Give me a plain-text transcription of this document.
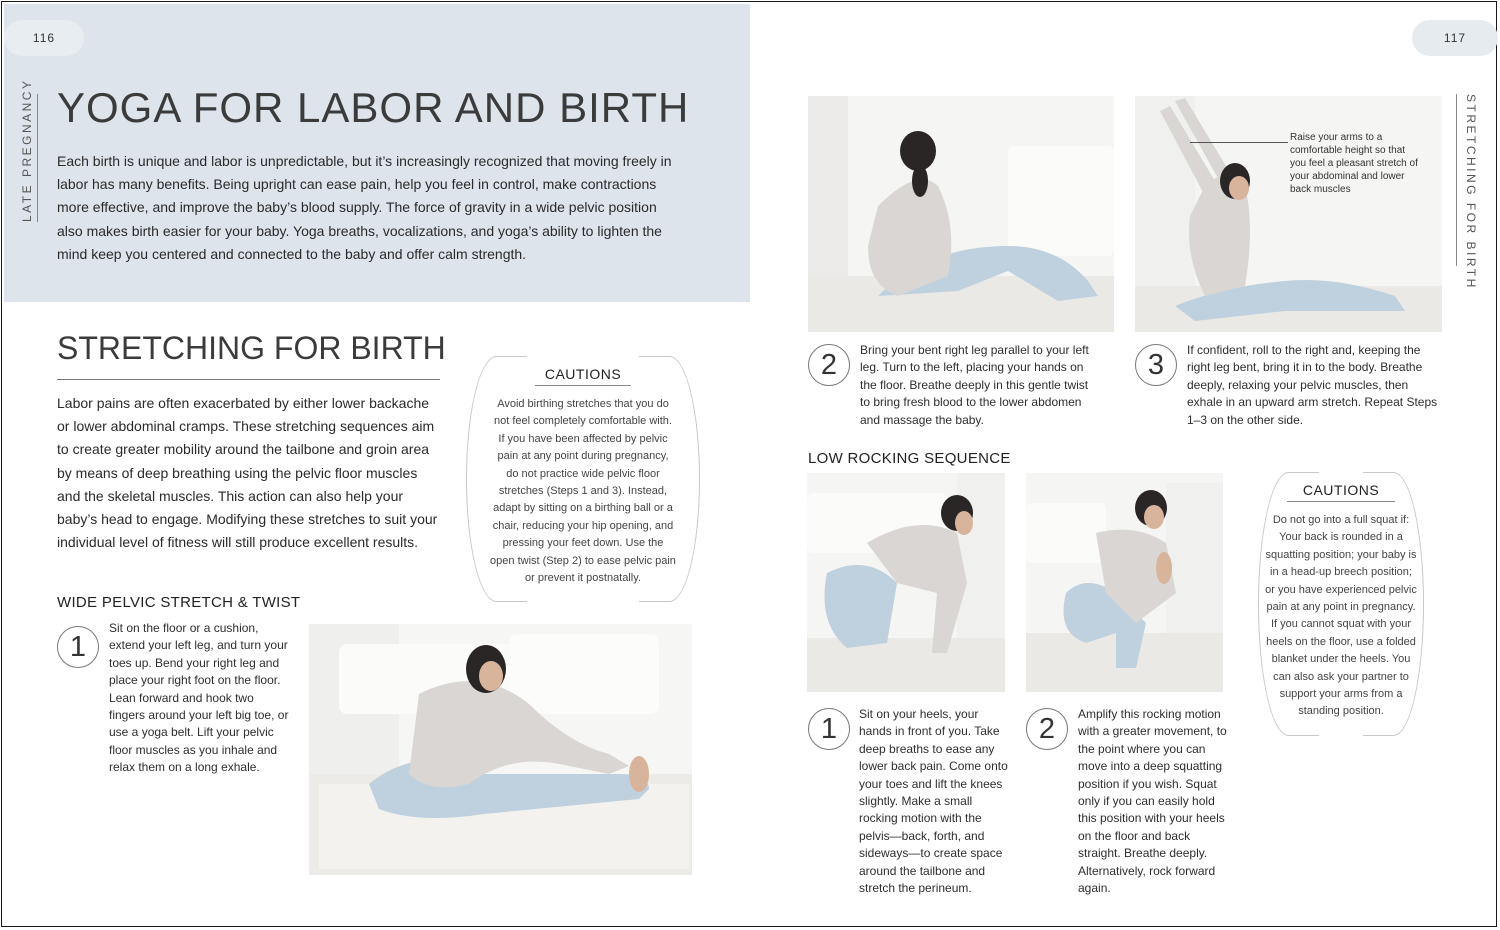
116
LATE PREGNANCY YOGA FOR LABOR AND BIRTH

Each birth is unique and labor is unpredictable, but it’s increasingly recognized that moving freely in labor has many benefits. Being upright can ease pain, help you feel in control, make contractions more effective, and improve the baby’s blood supply. The force of gravity in a wide pelvic position also makes birth easier for your baby. Yoga breaths, vocalizations, and yoga’s ability to lighten the mind keep you centered and connected to the baby and offer calm strength.

STRETCHING FOR BIRTH

Labor pains are often exacerbated by either lower backache or lower abdominal cramps. These stretching sequences aim to create greater mobility around the tailbone and groin area by means of deep breathing using the pelvic floor muscles and the skeletal muscles. This action can also help your baby’s head to engage. Modifying these stretches to suit your individual level of fitness will still produce excellent results.

CAUTIONS
Avoid birthing stretches that you do not feel completely comfortable with. If you have been affected by pelvic pain at any point during pregnancy, do not practice wide pelvic floor stretches (Steps 1 and 3). Instead, adapt by sitting on a birthing ball or a chair, reducing your hip opening, and pressing your feet down. Use the open twist (Step 2) to ease pelvic pain or prevent it postnatally.
WIDE PELVIC STRETCH & TWIST
1

Sit on the floor or a cushion, extend your left leg, and turn your toes up. Bend your right leg and place your right foot on the floor. Lean forward and hook two fingers around your left big toe, or use a yoga belt. Lift your pelvic floor muscles as you inhale and relax them on a long exhale.

117
STRETCHING FOR BIRTH

Raise your arms to a comfortable height so that you feel a pleasant stretch of your abdominal and lower back muscles

2	Bring your bent right leg parallel to your left leg. Turn to the left, placing your hands on the floor. Breathe deeply in this gentle twist to bring fresh blood to the lower abdomen and massage the baby.

3	If confident, roll to the right and, keeping the right leg bent, bring it in to the body. Breathe deeply, relaxing your pelvic muscles, then exhale in an upward arm stretch. Repeat Steps 1–3 on the other side.

LOW ROCKING SEQUENCE
1	Sit on your heels, your hands in front of you. Take deep breaths to ease any lower back pain. Come onto your toes and lift the knees slightly. Make a small rocking motion with the pelvis—back, forth, and sideways—to create space around the tailbone and stretch the perineum.

2	Amplify this rocking motion with a greater movement, to the point where you can move into a deep squatting position if you wish. Squat only if you can easily hold this position with your heels on the floor and back straight. Breathe deeply. Alternatively, rock forward again.

CAUTIONS
Do not go into a full squat if: Your back is rounded in a squatting position; your baby is in a head-up breech position; or you have experienced pelvic pain at any point in pregnancy. If you cannot squat with your heels on the floor, use a folded blanket under the heels. You can also ask your partner to support your arms from a standing position.
